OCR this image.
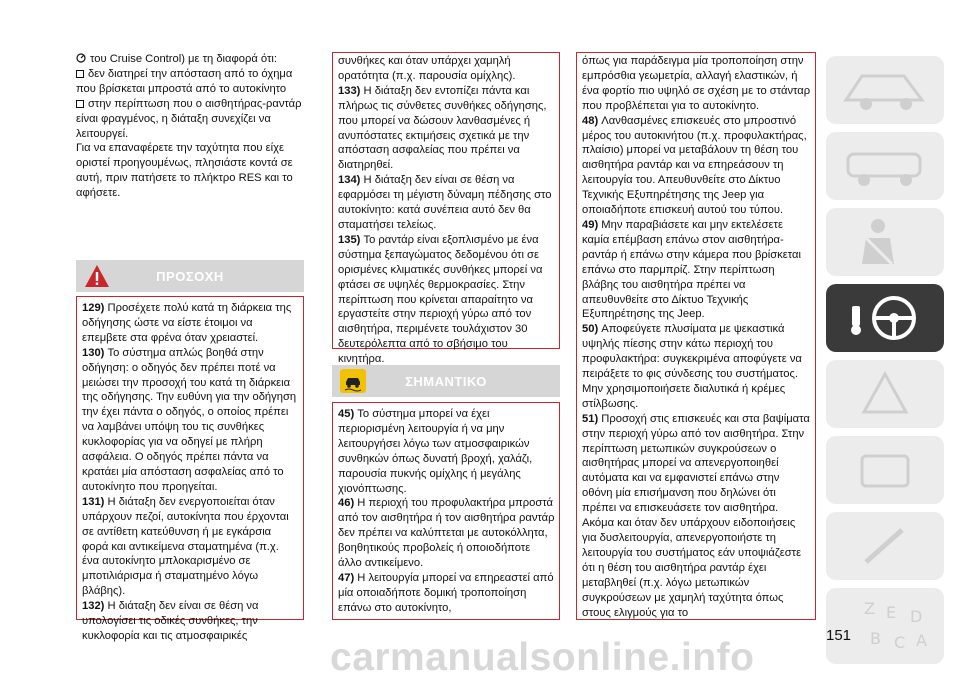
του Cruise Control) με τη διαφορά ότι:

δεν διατηρεί την απόσταση από το όχημα που βρίσκεται μπροστά από το αυτοκίνητο

στην περίπτωση που ο αισθητήρας-ραντάρ είναι φραγμένος, η διάταξη συνεχίζει να λειτουργεί.

Για να επαναφέρετε την ταχύτητα που είχε οριστεί προηγουμένως, πλησιάστε κοντά σε αυτή, πριν πατήσετε το πλήκτρο RES και το αφήσετε.

ΠΡΟΣΟΧΗ

129) Προσέχετε πολύ κατά τη διάρκεια της οδήγησης ώστε να είστε έτοιμοι να επεμβετε στα φρένα όταν χρειαστεί.

130) Το σύστημα απλώς βοηθά στην οδήγηση: ο οδηγός δεν πρέπει ποτέ να μειώσει την προσοχή του κατά τη διάρκεια της οδήγησης. Την ευθύνη για την οδήγηση την έχει πάντα ο οδηγός, ο οποίος πρέπει να λαμβάνει υπόψη του τις συνθήκες κυκλοφορίας για να οδηγεί με πλήρη ασφάλεια. Ο οδηγός πρέπει πάντα να κρατάει μία απόσταση ασφαλείας από το αυτοκίνητο που προηγείται.

131) Η διάταξη δεν ενεργοποιείται όταν υπάρχουν πεζοί, αυτοκίνητα που έρχονται σε αντίθετη κατεύθυνση ή με εγκάρσια φορά και αντικείμενα σταματημένα (π.χ. ένα αυτοκίνητο μπλοκαρισμένο σε μποτιλιάρισμα ή σταματημένο λόγω βλάβης).

132) Η διάταξη δεν είναι σε θέση να υπολογίσει τις οδικές συνθήκες, την κυκλοφορία και τις ατμοσφαιρικές

συνθήκες και όταν υπάρχει χαμηλή ορατότητα (π.χ. παρουσία ομίχλης).

133) Η διάταξη δεν εντοπίζει πάντα και πλήρως τις σύνθετες συνθήκες οδήγησης, που μπορεί να δώσουν λανθασμένες ή ανυπόστατες εκτιμήσεις σχετικά με την απόσταση ασφαλείας που πρέπει να διατηρηθεί.

134) Η διάταξη δεν είναι σε θέση να εφαρμόσει τη μέγιστη δύναμη πέδησης στο αυτοκίνητο: κατά συνέπεια αυτό δεν θα σταματήσει τελείως.

135) Το ραντάρ είναι εξοπλισμένο με ένα σύστημα ξεπαγώματος δεδομένου ότι σε ορισμένες κλιματικές συνθήκες μπορεί να φτάσει σε υψηλές θερμοκρασίες. Στην περίπτωση που κρίνεται απαραίτητο να εργαστείτε στην περιοχή γύρω από τον αισθητήρα, περιμένετε τουλάχιστον 30 δευτερόλεπτα από το σβήσιμο του κινητήρα.

ΣΗΜΑΝΤΙΚΟ

45) Το σύστημα μπορεί να έχει περιορισμένη λειτουργία ή να μην λειτουργήσει λόγω των ατμοσφαιρικών συνθηκών όπως δυνατή βροχή, χαλάζι, παρουσία πυκνής ομίχλης ή μεγάλης χιονόπτωσης.

46) Η περιοχή του προφυλακτήρα μπροστά από τον αισθητήρα ή τον αισθητήρα ραντάρ δεν πρέπει να καλύπτεται με αυτοκόλλητα, βοηθητικούς προβολείς ή οποιοδήποτε άλλο αντικείμενο.

47) Η λειτουργία μπορεί να επηρεαστεί από μία οποιαδήποτε δομική τροποποίηση επάνω στο αυτοκίνητο,

όπως για παράδειγμα μία τροποποίηση στην εμπρόσθια γεωμετρία, αλλαγή ελαστικών, ή ένα φορτίο πιο υψηλό σε σχέση με το στάνταρ που προβλέπεται για το αυτοκίνητο.

48) Λανθασμένες επισκευές στο μπροστινό μέρος του αυτοκινήτου (π.χ. προφυλακτήρας, πλαίσιο) μπορεί να μεταβάλουν τη θέση του αισθητήρα ραντάρ και να επηρεάσουν τη λειτουργία του. Απευθυνθείτε στο Δίκτυο Τεχνικής Εξυπηρέτησης της Jeep για οποιαδήποτε επισκευή αυτού του τύπου.

49) Μην παραβιάσετε και μην εκτελέσετε καμία επέμβαση επάνω στον αισθητήρα-ραντάρ ή επάνω στην κάμερα που βρίσκεται επάνω στο παρμπρίζ. Στην περίπτωση βλάβης του αισθητήρα πρέπει να απευθυνθείτε στο Δίκτυο Τεχνικής Εξυπηρέτησης της Jeep.

50) Αποφεύγετε πλυσίματα με ψεκαστικά υψηλής πίεσης στην κάτω περιοχή του προφυλακτήρα: συγκεκριμένα αποφύγετε να πειράξετε το φις σύνδεσης του συστήματος. Μην χρησιμοποιήσετε διαλυτικά ή κρέμες στίλβωσης.

51) Προσοχή στις επισκευές και στα βαψίματα στην περιοχή γύρω από τον αισθητήρα. Στην περίπτωση μετωπικών συγκρούσεων ο αισθητήρας μπορεί να απενεργοποιηθεί αυτόματα και να εμφανιστεί επάνω στην οθόνη μία επισήμανση που δηλώνει ότι πρέπει να επισκευάσετε τον αισθητήρα. Ακόμα και όταν δεν υπάρχουν ειδοποιήσεις για δυσλειτουργία, απενεργοποιήστε τη λειτουργία του συστήματος εάν υποψιάζεστε ότι η θέση του αισθητήρα ραντάρ έχει μεταβληθεί (π.χ. λόγω μετωπικών συγκρούσεων με χαμηλή ταχύτητα όπως στους ελιγμούς για το	Z E D
B C A
151
carmanualsonline.info
